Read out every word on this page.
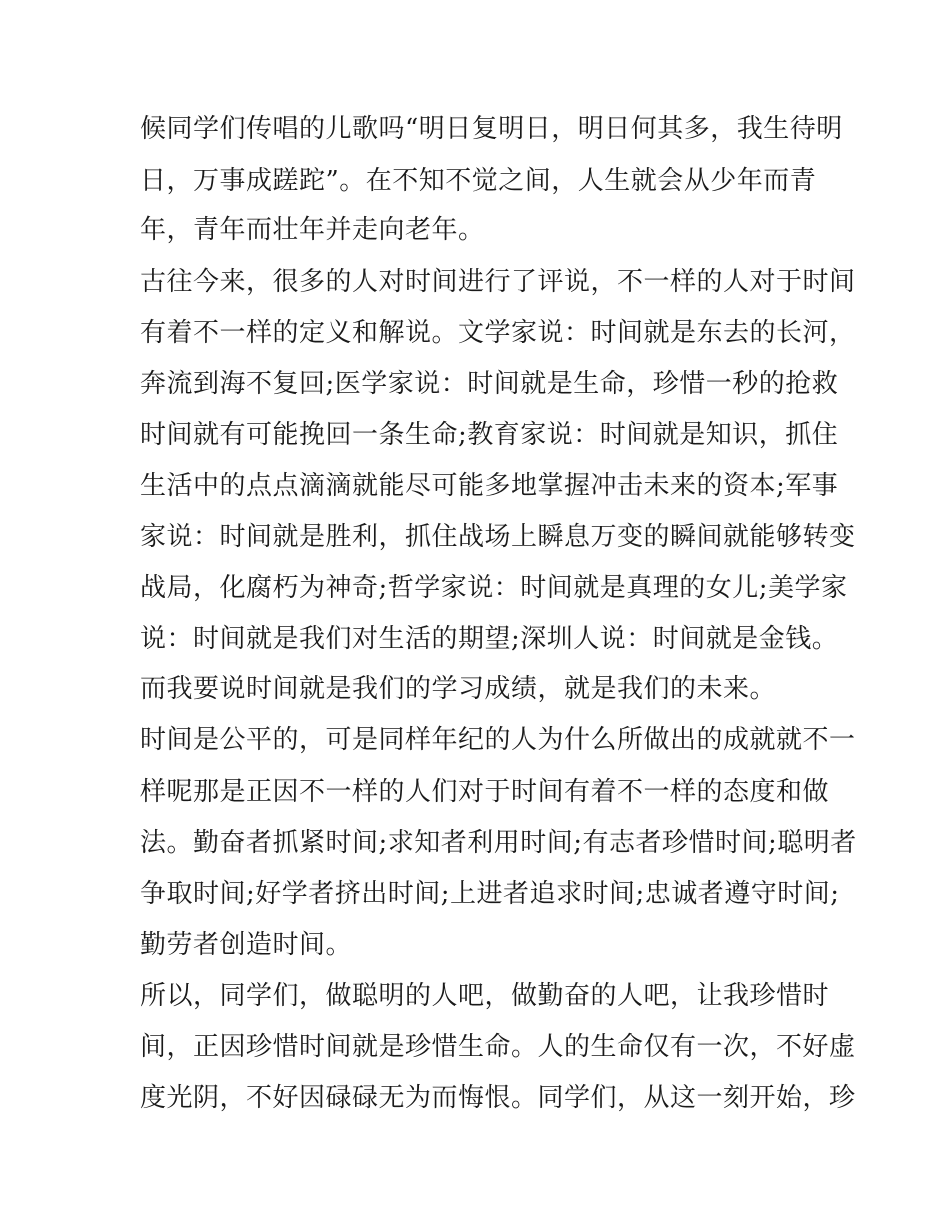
候同学们传唱的儿歌吗“明日复明日，明日何其多，我生待明
日，万事成蹉跎”。在不知不觉之间，人生就会从少年而青
年，青年而壮年并走向老年。
古往今来，很多的人对时间进行了评说，不一样的人对于时间
有着不一样的定义和解说。文学家说：时间就是东去的长河，
奔流到海不复回;医学家说：时间就是生命，珍惜一秒的抢救
时间就有可能挽回一条生命;教育家说：时间就是知识，抓住
生活中的点点滴滴就能尽可能多地掌握冲击未来的资本;军事
家说：时间就是胜利，抓住战场上瞬息万变的瞬间就能够转变
战局，化腐朽为神奇;哲学家说：时间就是真理的女儿;美学家
说：时间就是我们对生活的期望;深圳人说：时间就是金钱。
而我要说时间就是我们的学习成绩，就是我们的未来。
时间是公平的，可是同样年纪的人为什么所做出的成就就不一
样呢那是正因不一样的人们对于时间有着不一样的态度和做
法。勤奋者抓紧时间;求知者利用时间;有志者珍惜时间;聪明者
争取时间;好学者挤出时间;上进者追求时间;忠诚者遵守时间;
勤劳者创造时间。
所以，同学们，做聪明的人吧，做勤奋的人吧，让我珍惜时
间，正因珍惜时间就是珍惜生命。人的生命仅有一次，不好虚
度光阴，不好因碌碌无为而悔恨。同学们，从这一刻开始，珍
